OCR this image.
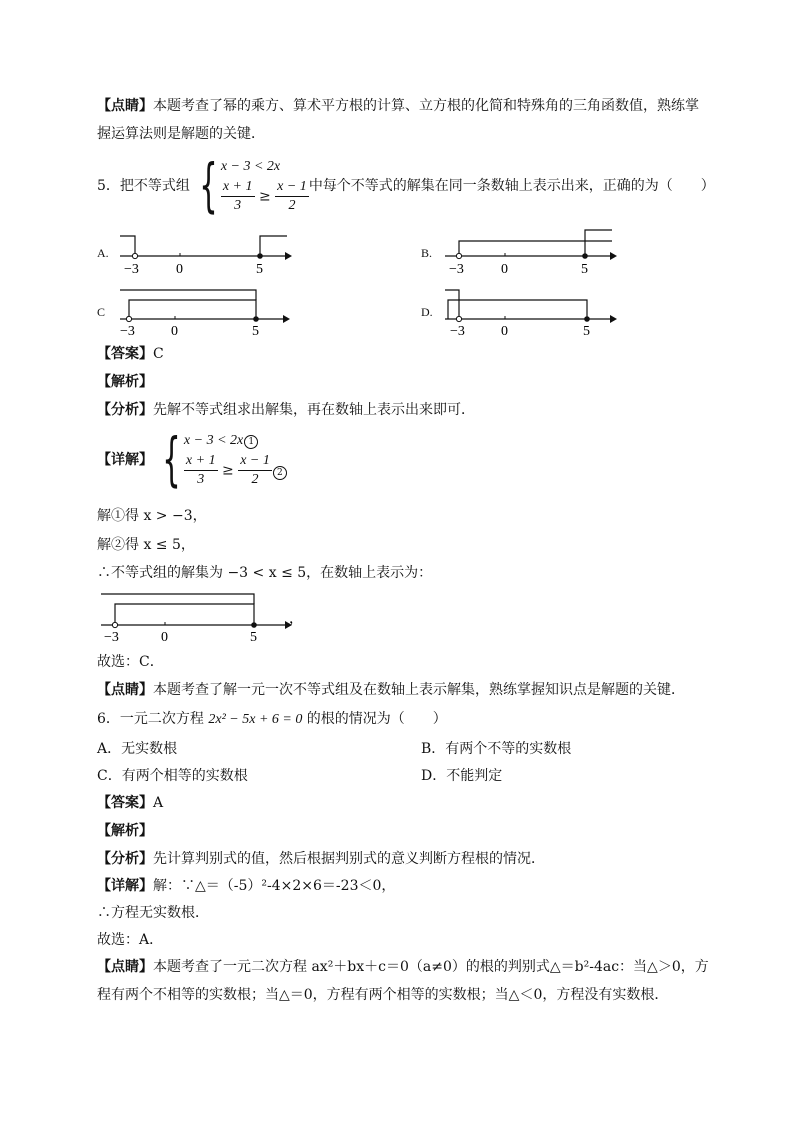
【点睛】本题考查了幂的乘方、算术平方根的计算、立方根的化简和特殊角的三角函数值，熟练掌
握运算法则是解题的关键．
5．把不等式组 { x − 3 < 2x
$\frac{x + 1}{3} \ge \frac{x - 1}{2}$ 中每个不等式的解集在同一条数轴上表示出来，正确的为（　　）
A.
−3	0	5
B.
−3	0	5
C
−3	0	5
D.
−3	0	5
【答案】C
【解析】
【分析】先解不等式组求出解集，再在数轴上表示出来即可．
【详解】 { x − 3 < 2x 1
$\frac{x + 1}{3} \ge \frac{x - 1}{2} 2$
解①得 x > −3，
解②得 x ≤ 5，
∴不等式组的解集为 −3 < x ≤ 5，在数轴上表示为：
−3	0	5
，
故选：C．
【点睛】本题考查了解一元一次不等式组及在数轴上表示解集，熟练掌握知识点是解题的关键．
6．一元二次方程 2x² − 5x + 6 = 0 的根的情况为（　　）
A．无实数根	B．有两个不等的实数根
C．有两个相等的实数根	D．不能判定
【答案】A
【解析】
【分析】先计算判别式的值，然后根据判别式的意义判断方程根的情况．
【详解】解：∵△＝（-5）²-4×2×6＝-23＜0，
∴方程无实数根．
故选：A．
【点睛】本题考查了一元二次方程 ax²＋bx＋c＝0（a≠0）的根的判别式△＝b²-4ac：当△＞0，方
程有两个不相等的实数根；当△＝0，方程有两个相等的实数根；当△＜0，方程没有实数根．
